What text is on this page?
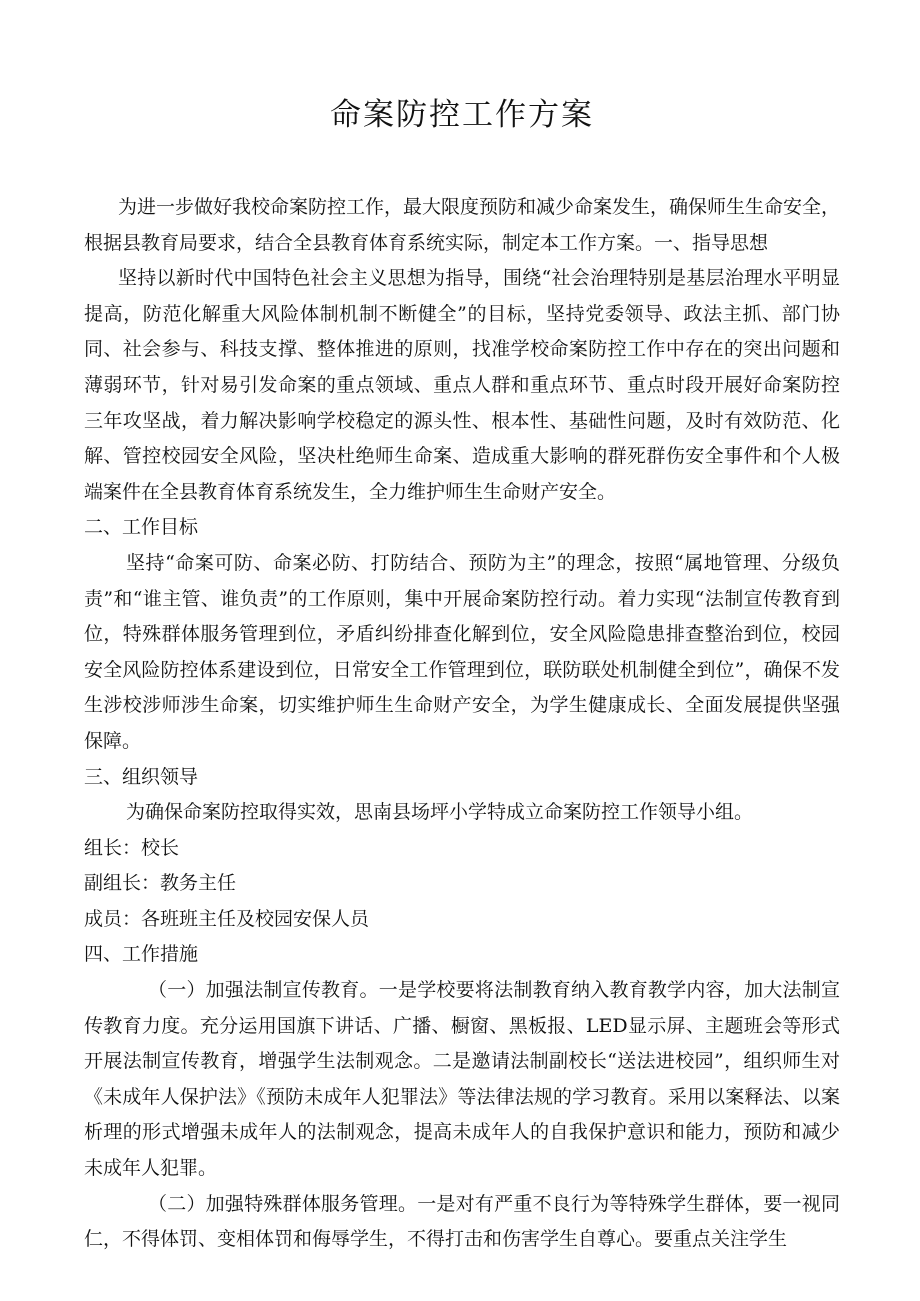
命案防控工作方案

为进一步做好我校命案防控工作，最大限度预防和减少命案发生，确保师生生命安全，根据县教育局要求，结合全县教育体育系统实际，制定本工作方案。一、指导思想

坚持以新时代中国特色社会主义思想为指导，围绕“社会治理特别是基层治理水平明显提高，防范化解重大风险体制机制不断健全”的目标，坚持党委领导、政法主抓、部门协同、社会参与、科技支撑、整体推进的原则，找准学校命案防控工作中存在的突出问题和薄弱环节，针对易引发命案的重点领域、重点人群和重点环节、重点时段开展好命案防控三年攻坚战，着力解决影响学校稳定的源头性、根本性、基础性问题，及时有效防范、化解、管控校园安全风险，坚决杜绝师生命案、造成重大影响的群死群伤安全事件和个人极端案件在全县教育体育系统发生，全力维护师生生命财产安全。

二、工作目标

坚持“命案可防、命案必防、打防结合、预防为主”的理念，按照“属地管理、分级负责”和“谁主管、谁负责”的工作原则，集中开展命案防控行动。着力实现“法制宣传教育到位，特殊群体服务管理到位，矛盾纠纷排查化解到位，安全风险隐患排查整治到位，校园安全风险防控体系建设到位，日常安全工作管理到位，联防联处机制健全到位”，确保不发生涉校涉师涉生命案，切实维护师生生命财产安全，为学生健康成长、全面发展提供坚强保障。

三、组织领导

为确保命案防控取得实效，思南县场坪小学特成立命案防控工作领导小组。

组长：校长

副组长：教务主任

成员：各班班主任及校园安保人员

四、工作措施

（一）加强法制宣传教育。一是学校要将法制教育纳入教育教学内容，加大法制宣传教育力度。充分运用国旗下讲话、广播、橱窗、黑板报、LED显示屏、主题班会等形式开展法制宣传教育，增强学生法制观念。二是邀请法制副校长“送法进校园”，组织师生对《未成年人保护法》《预防未成年人犯罪法》等法律法规的学习教育。采用以案释法、以案析理的形式增强未成年人的法制观念，提高未成年人的自我保护意识和能力，预防和减少未成年人犯罪。

（二）加强特殊群体服务管理。一是对有严重不良行为等特殊学生群体，要一视同仁，不得体罚、变相体罚和侮辱学生，不得打击和伤害学生自尊心。要重点关注学生
